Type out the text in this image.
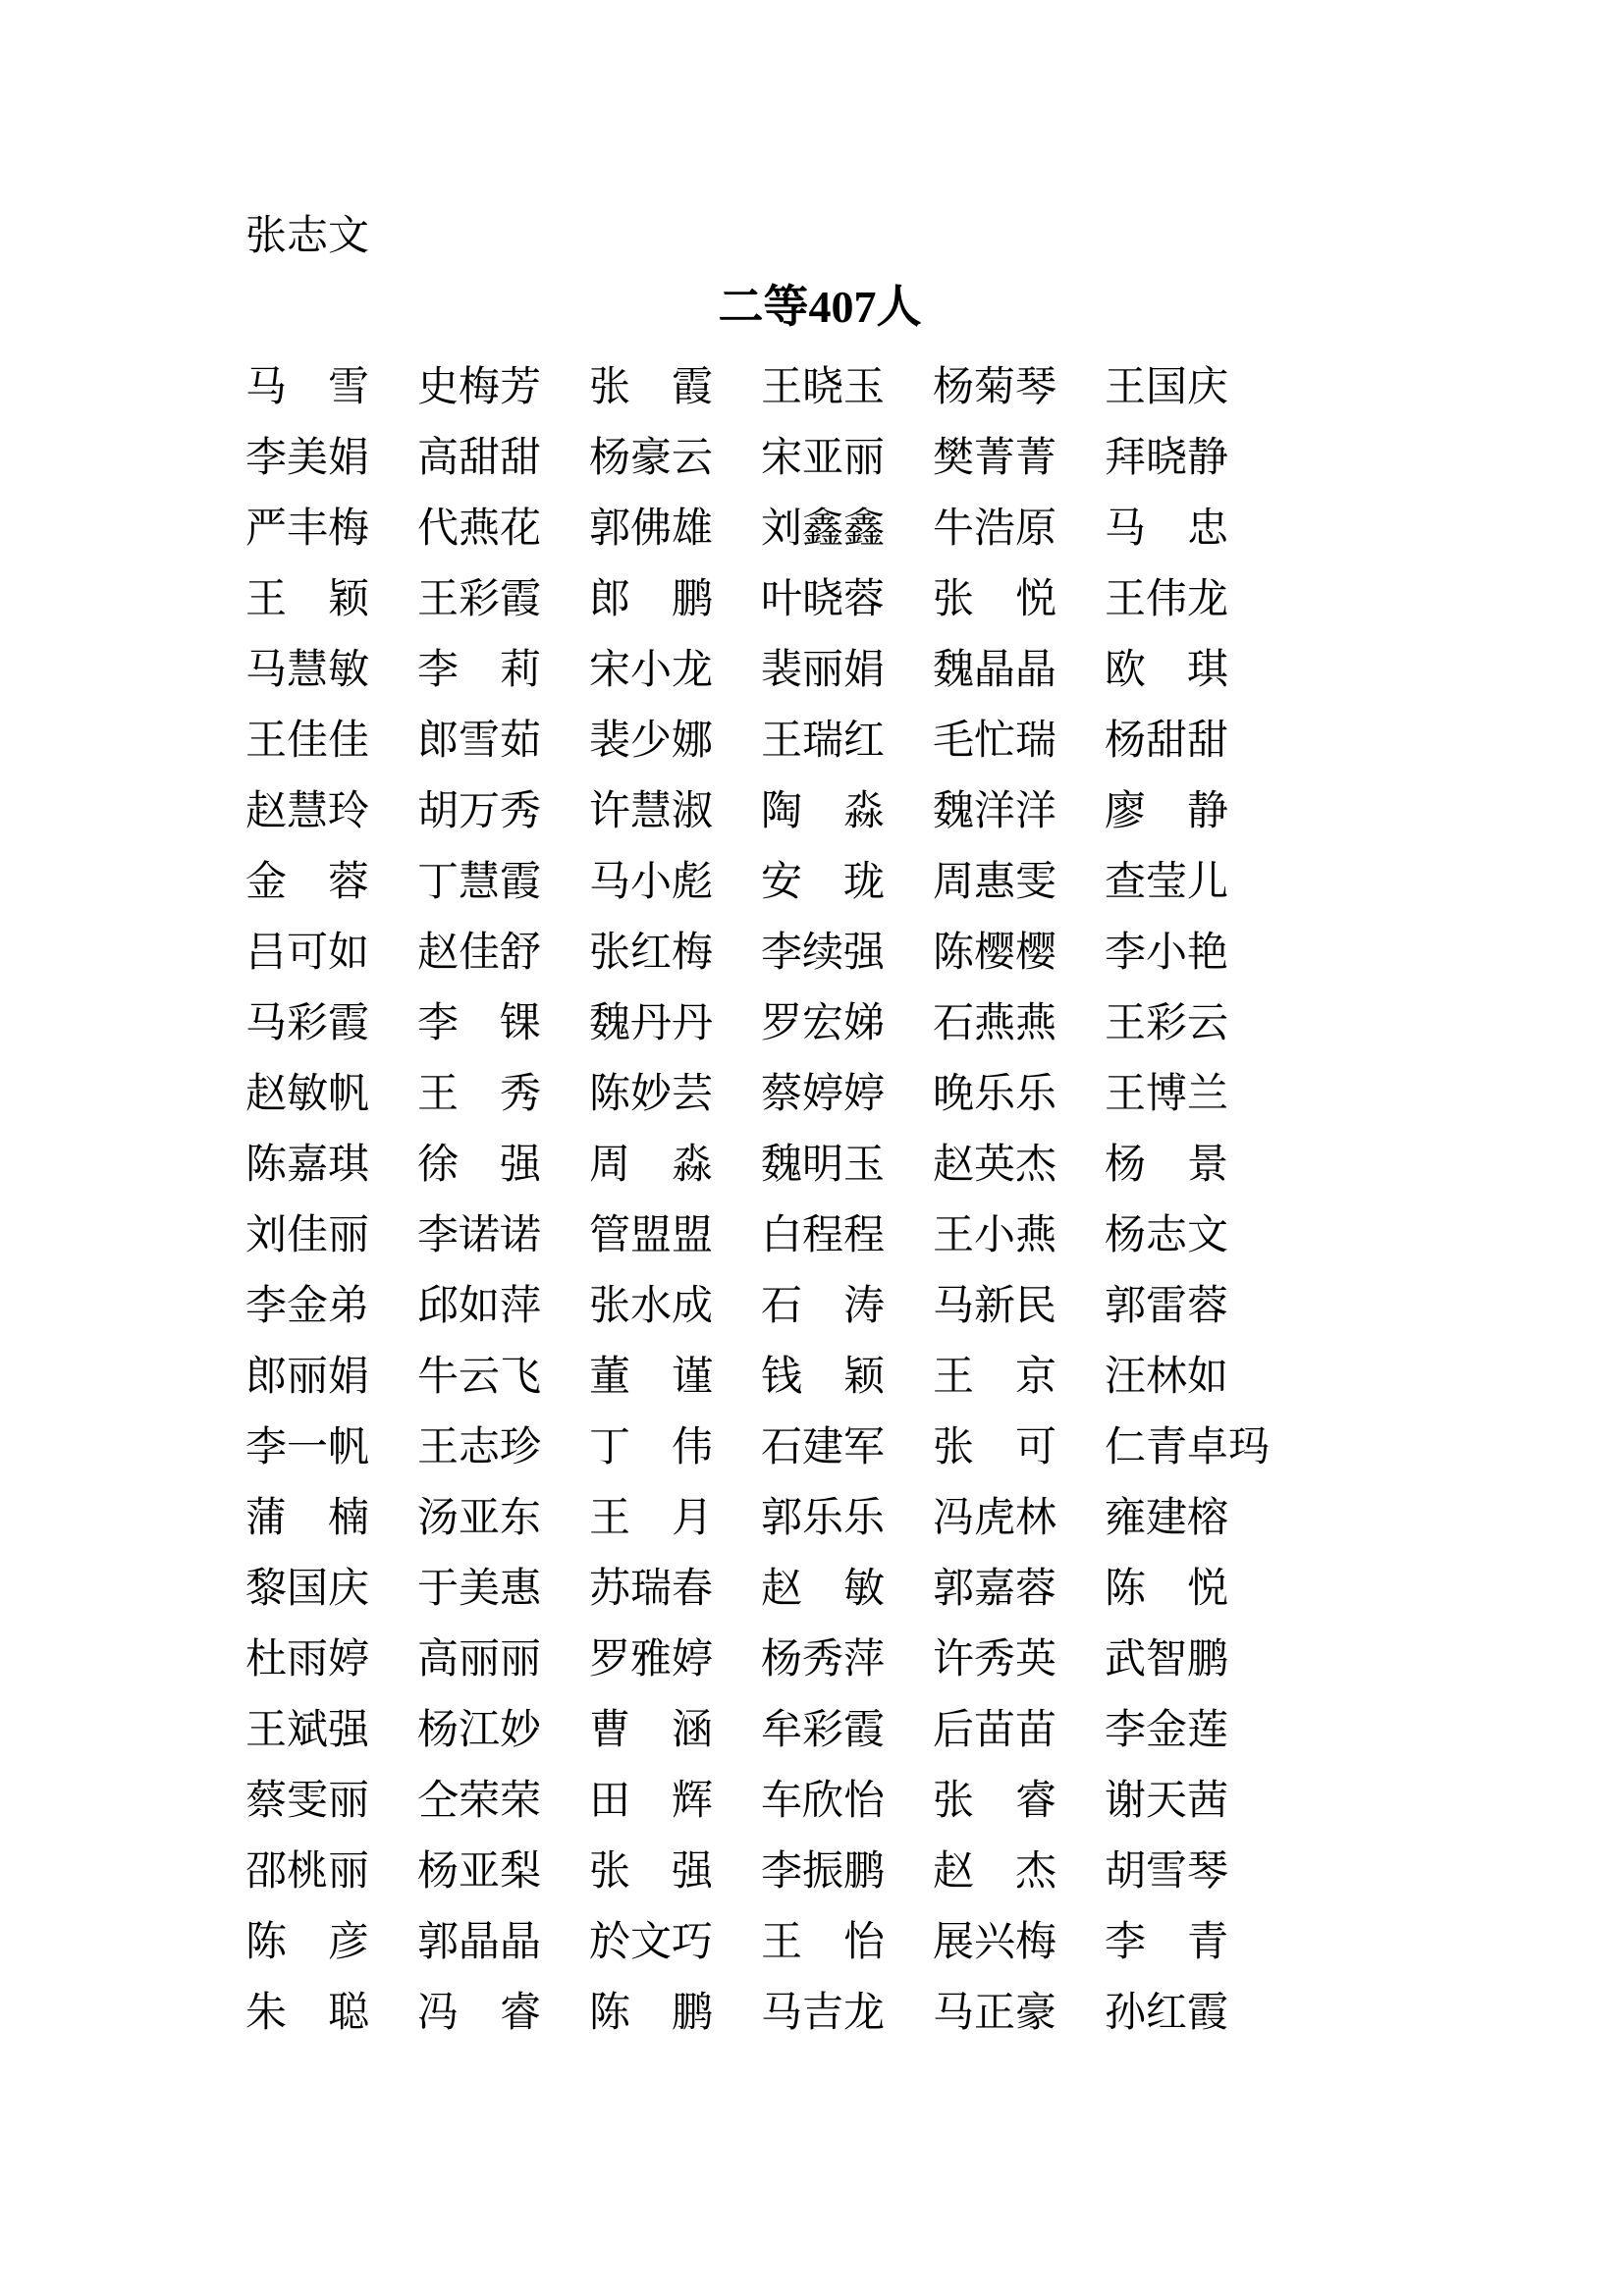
张志文
二等407人
马　雪	史梅芳	张　霞	王晓玉	杨菊琴	王国庆
李美娟	高甜甜	杨豪云	宋亚丽	樊菁菁	拜晓静
严丰梅	代燕花	郭佛雄	刘鑫鑫	牛浩原	马　忠
王　颖	王彩霞	郎　鹏	叶晓蓉	张　悦	王伟龙
马慧敏	李　莉	宋小龙	裴丽娟	魏晶晶	欧　琪
王佳佳	郎雪茹	裴少娜	王瑞红	毛忙瑞	杨甜甜
赵慧玲	胡万秀	许慧淑	陶　淼	魏洋洋	廖　静
金　蓉	丁慧霞	马小彪	安　珑	周惠雯	查莹儿
吕可如	赵佳舒	张红梅	李续强	陈樱樱	李小艳
马彩霞	李　锞	魏丹丹	罗宏娣	石燕燕	王彩云
赵敏帆	王　秀	陈妙芸	蔡婷婷	晚乐乐	王博兰
陈嘉琪	徐　强	周　淼	魏明玉	赵英杰	杨　景
刘佳丽	李诺诺	管盟盟	白程程	王小燕	杨志文
李金弟	邱如萍	张水成	石　涛	马新民	郭雷蓉
郎丽娟	牛云飞	董　谨	钱　颖	王　京	汪林如
李一帆	王志珍	丁　伟	石建军	张　可	仁青卓玛
蒲　楠	汤亚东	王　月	郭乐乐	冯虎林	雍建榕
黎国庆	于美惠	苏瑞春	赵　敏	郭嘉蓉	陈　悦
杜雨婷	高丽丽	罗雅婷	杨秀萍	许秀英	武智鹏
王斌强	杨江妙	曹　涵	牟彩霞	后苗苗	李金莲
蔡雯丽	仝荣荣	田　辉	车欣怡	张　睿	谢天茜
邵桃丽	杨亚梨	张　强	李振鹏	赵　杰	胡雪琴
陈　彦	郭晶晶	於文巧	王　怡	展兴梅	李　青
朱　聪	冯　睿	陈　鹏	马吉龙	马正豪	孙红霞
